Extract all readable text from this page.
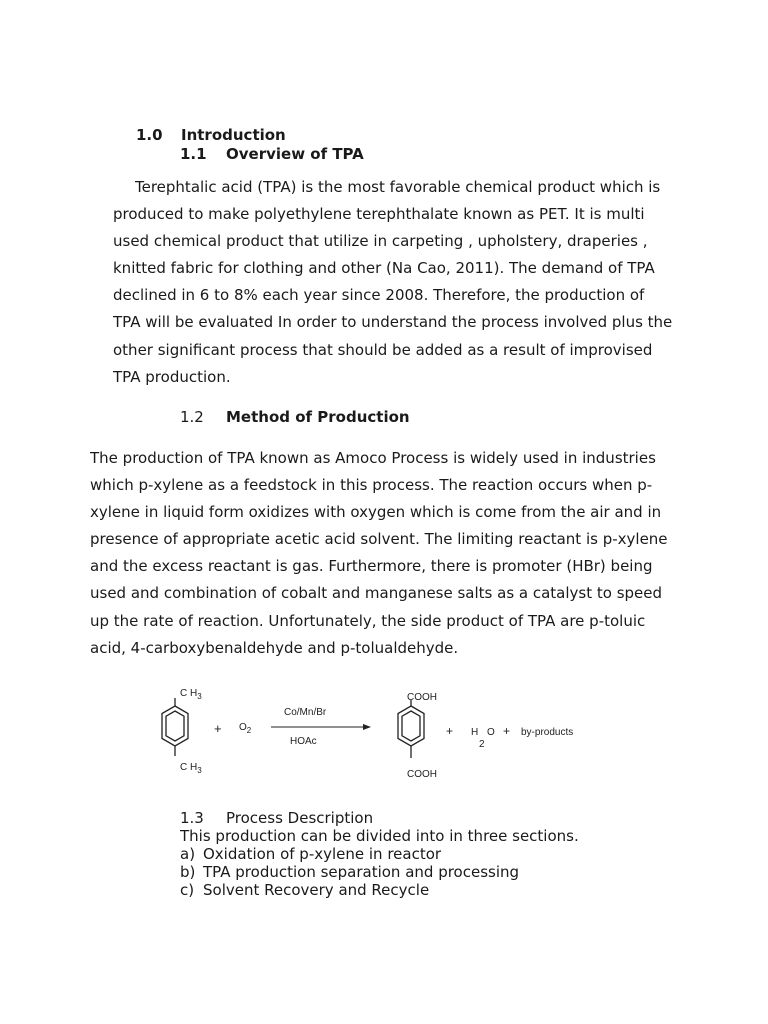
1.0 Introduction
1.1 Overview of TPA
Terephtalic acid (TPA) is the most favorable chemical product which is
produced to make polyethylene terephthalate known as PET. It is multi
used chemical product that utilize in carpeting , upholstery, draperies ,
knitted fabric for clothing and other (Na Cao, 2011). The demand of TPA
declined in 6 to 8% each year since 2008. Therefore, the production of
TPA will be evaluated In order to understand the process involved plus the
other significant process that should be added as a result of improvised
TPA production.
1.2 Method of Production
The production of TPA known as Amoco Process is widely used in industries
which p-xylene as a feedstock in this process. The reaction occurs when p-
xylene in liquid form oxidizes with oxygen which is come from the air and in
presence of appropriate acetic acid solvent. The limiting reactant is p-xylene
and the excess reactant is gas. Furthermore, there is promoter (HBr) being
used and combination of cobalt and manganese salts as a catalyst to speed
up the rate of reaction. Unfortunately, the side product of TPA are p-toluic
acid, 4-carboxybenaldehyde and p-tolualdehyde.
C $H_3$
C $H_3$
+ $O_2$
Co/Mn/Br
HOAc
COOH
COOH
+ H O
2
+ by-products
1.3 Process Description
This production can be divided into in three sections.
a) Oxidation of p-xylene in reactor
b) TPA production separation and processing
c) Solvent Recovery and Recycle
